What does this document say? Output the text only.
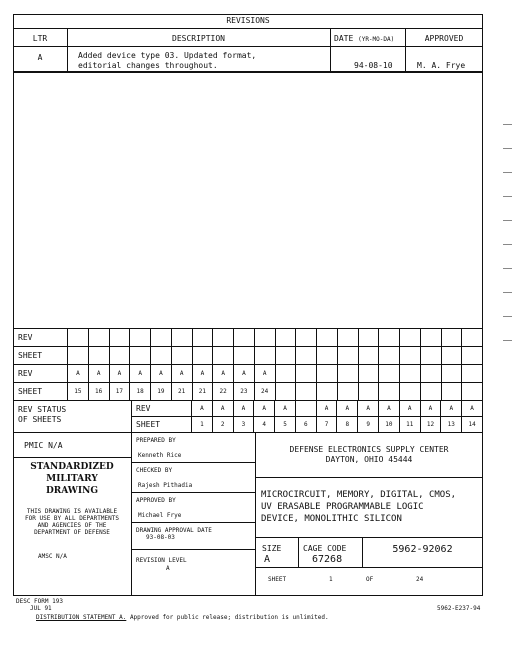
REVISIONS
LTR	DESCRIPTION	DATE (YR-MO-DA)	APPROVED
A	Added device type 03. Updated format,
editorial changes throughout.	94-08-10	M. A. Frye
REV																				
SHEET																				
REV	A	A	A	A	A	A	A	A	A	A										
SHEET	15	16	17	18	19	21	21	22	23	24										
REV STATUS
OF SHEETS
REV	A	A	A	A	A		A	A	A	A	A	A	A	A
SHEET	1	2	3	4	5	6	7	8	9	10	11	12	13	14
PMIC N/A
STANDARDIZED
MILITARY
DRAWING
THIS DRAWING IS AVAILABLE
FOR USE BY ALL DEPARTMENTS
AND AGENCIES OF THE
DEPARTMENT OF DEFENSE
AMSC N/A
PREPARED BY
Kenneth Rice
CHECKED BY
Rajesh Pithadia
APPROVED BY
Michael Frye
DRAWING APPROVAL DATE
93-08-03
REVISION LEVEL
A
DEFENSE ELECTRONICS SUPPLY CENTER
DAYTON, OHIO 45444
MICROCIRCUIT, MEMORY, DIGITAL, CMOS,
UV ERASABLE PROGRAMMABLE LOGIC
DEVICE, MONOLITHIC SILICON
SIZE
A
CAGE CODE
67268
5962-92062
SHEET	1	OF	24
DESC FORM 193
JUL 91
DISTRIBUTION STATEMENT A. Approved for public release; distribution is unlimited.
5962-E237-94
